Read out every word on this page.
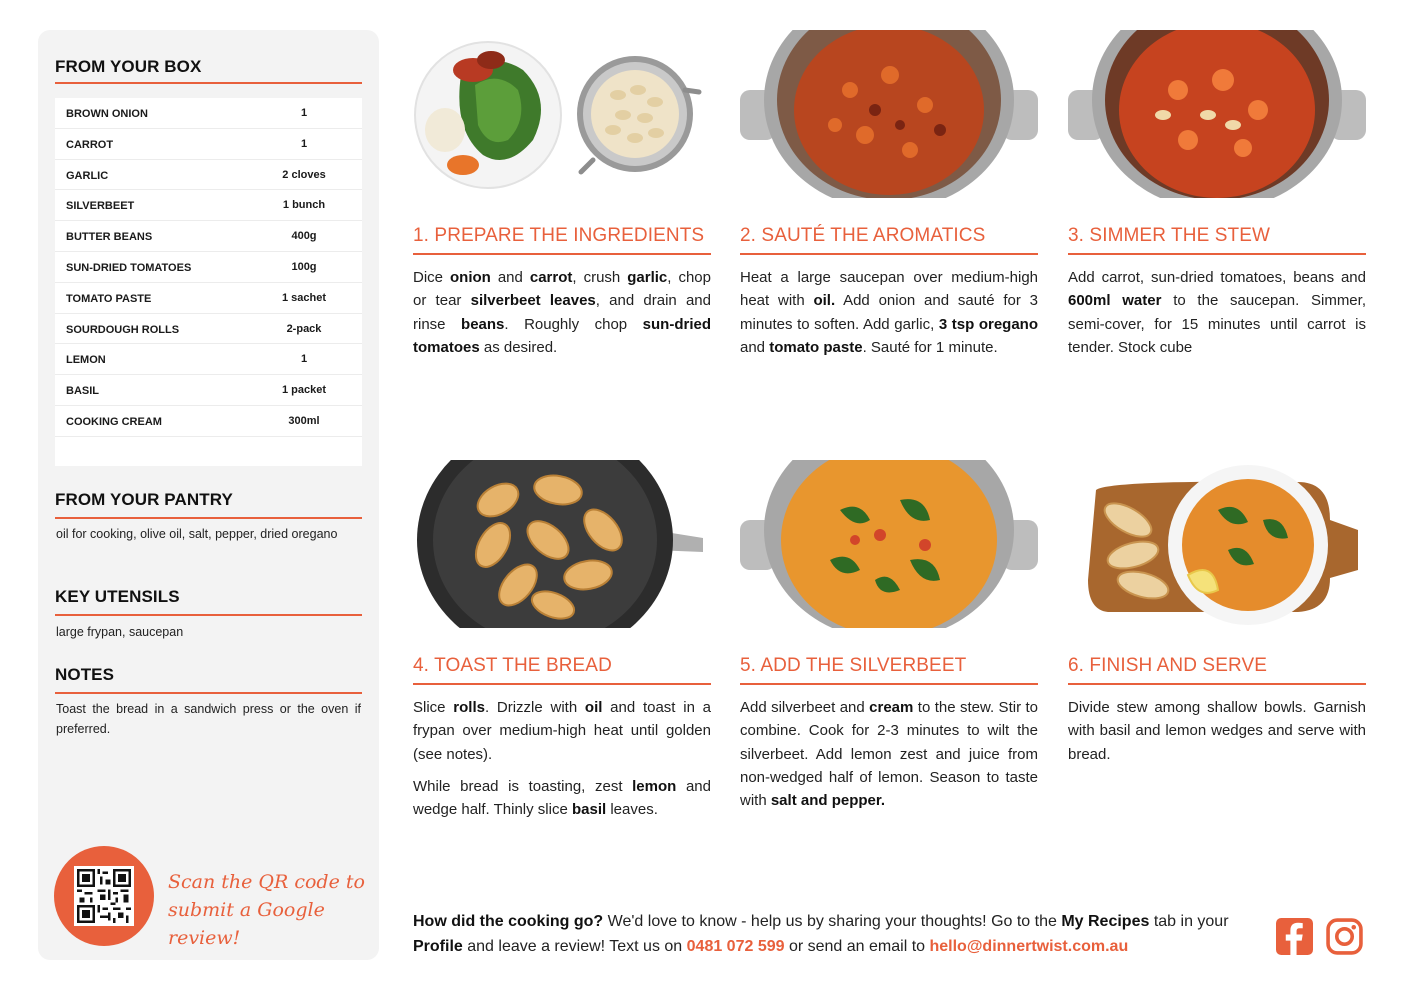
FROM YOUR BOX
BROWN ONION	1
CARROT	1
GARLIC	2 cloves
SILVERBEET	1 bunch
BUTTER BEANS	400g
SUN-DRIED TOMATOES	100g
TOMATO PASTE	1 sachet
SOURDOUGH ROLLS	2-pack
LEMON	1
BASIL	1 packet
COOKING CREAM	300ml
FROM YOUR PANTRY
oil for cooking, olive oil, salt, pepper, dried oregano
KEY UTENSILS
large frypan, saucepan
NOTES
Toast the bread in a sandwich press or the oven if preferred.
Scan the QR code to
submit a Google review!
1. PREPARE THE INGREDIENTS

Dice onion and carrot, crush garlic, chop or tear silverbeet leaves, and drain and rinse beans. Roughly chop sun-dried tomatoes as desired.

2. SAUTÉ THE AROMATICS

Heat a large saucepan over medium-high heat with oil. Add onion and sauté for 3 minutes to soften. Add garlic, 3 tsp oregano and tomato paste. Sauté for 1 minute.

3. SIMMER THE STEW

Add carrot, sun-dried tomatoes, beans and 600ml water to the saucepan. Simmer, semi-cover, for 15 minutes until carrot is tender. Stock cube

4. TOAST THE BREAD

Slice rolls. Drizzle with oil and toast in a frypan over medium-high heat until golden (see notes).

While bread is toasting, zest lemon and wedge half. Thinly slice basil leaves.

5. ADD THE SILVERBEET

Add silverbeet and cream to the stew. Stir to combine. Cook for 2-3 minutes to wilt the silverbeet. Add lemon zest and juice from non-wedged half of lemon. Season to taste with salt and pepper.

6. FINISH AND SERVE

Divide stew among shallow bowls. Garnish with basil and lemon wedges and serve with bread.

How did the cooking go? We'd love to know - help us by sharing your thoughts! Go to the My Recipes tab in your Profile and leave a review! Text us on 0481 072 599 or send an email to hello@dinnertwist.com.au
